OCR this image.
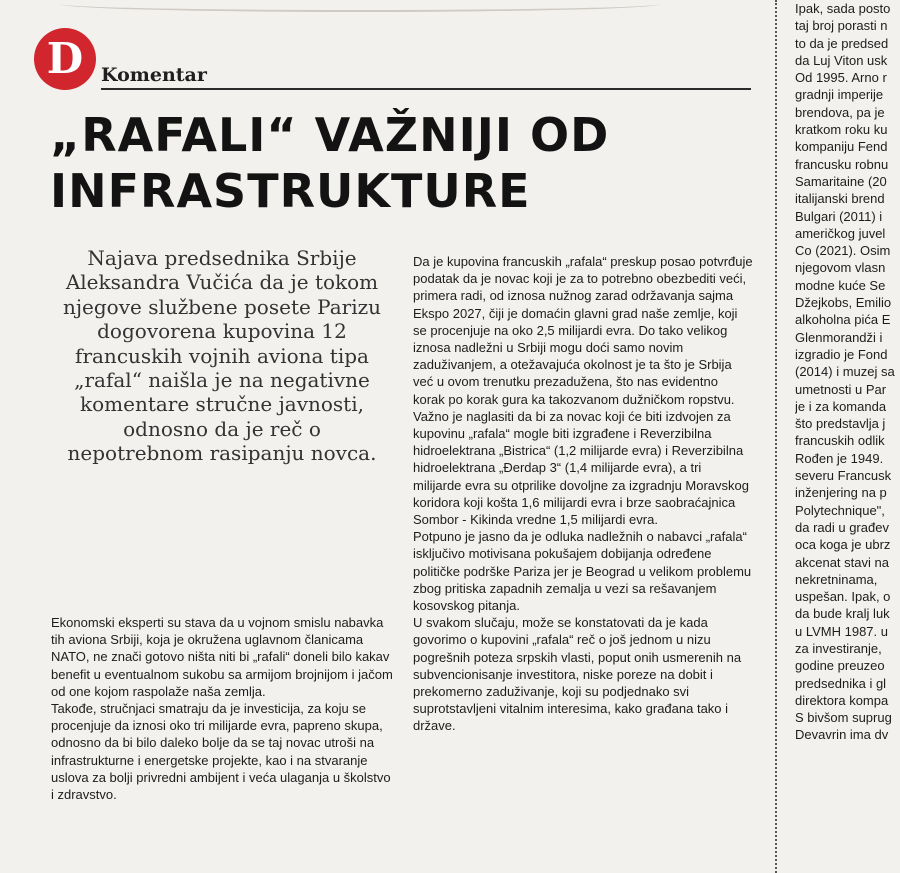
D Komentar
„RAFALI“ VAŽNIJI OD INFRASTRUKTURE

Najava predsednika Srbije Aleksandra Vučića da je tokom njegove službene posete Parizu dogovorena kupovina 12 francuskih vojnih aviona tipa „rafal“ naišla je na negativne komentare stručne javnosti, odnosno da je reč o nepotrebnom rasipanju novca.

Ekonomski eksperti su stava da u vojnom smislu nabavka tih aviona Srbiji, koja je okružena uglavnom članicama NATO, ne znači gotovo ništa niti bi „rafali“ doneli bilo kakav benefit u eventualnom sukobu sa armijom brojnijom i jačom od one kojom raspolaže naša zemlja.

Takođe, stručnjaci smatraju da je investicija, za koju se procenjuje da iznosi oko tri milijarde evra, papreno skupa, odnosno da bi bilo daleko bolje da se taj novac utroši na infrastrukturne i energetske projekte, kao i na stvaranje uslova za bolji privredni ambijent i veća ulaganja u školstvo i zdravstvo.

Da je kupovina francuskih „rafala“ preskup posao potvrđuje podatak da je novac koji je za to potrebno obezbediti veći, primera radi, od iznosa nužnog zarad održavanja sajma Ekspo 2027, čiji je domaćin glavni grad naše zemlje, koji se procenjuje na oko 2,5 milijardi evra. Do tako velikog iznosa nadležni u Srbiji mogu doći samo novim zaduživanjem, a otežavajuća okolnost je ta što je Srbija već u ovom trenutku prezadužena, što nas evidentno korak po korak gura ka takozvanom dužničkom ropstvu.

Važno je naglasiti da bi za novac koji će biti izdvojen za kupovinu „rafala“ mogle biti izgrađene i Reverzibilna hidroelektrana „Bistrica“ (1,2 milijarde evra) i Reverzibilna hidroelektrana „Đerdap 3“ (1,4 milijarde evra), a tri milijarde evra su otprilike dovoljne za izgradnju Moravskog koridora koji košta 1,6 milijardi evra i brze saobraćajnica Sombor - Kikinda vredne 1,5 milijardi evra.

Potpuno je jasno da je odluka nadležnih o nabavci „rafala“ isključivo motivisana pokušajem dobijanja određene političke podrške Pariza jer je Beograd u velikom problemu zbog pritiska zapadnih zemalja u vezi sa rešavanjem kosovskog pitanja.

U svakom slučaju, može se konstatovati da je kada govorimo o kupovini „rafala“ reč o još jednom u nizu pogrešnih poteza srpskih vlasti, poput onih usmerenih na subvencionisanje investitora, niske poreze na dobit i prekomerno zaduživanje, koji su podjednako svi suprotstavljeni vitalnim interesima, kako građana tako i države.

Ipak, sada posto
taj broj porasti n
to da je predsed
da Luj Viton usk
Od 1995. Arno r
gradnji imperije
brendova, pa je
kratkom roku ku
kompaniju Fend
francusku robnu
Samaritaine (20
italijanski brend
Bulgari (2011) i
američkog juvel
Co (2021). Osim
njegovom vlasn
modne kuće Se
Džejkobs, Emilio
alkoholna pića E
Glenmorandži i
izgradio je Fond
(2014) i muzej sa
umetnosti u Par
je i za komanda
što predstavlja j
francuskih odlik
Rođen je 1949.
severu Francusk
inženjering na p
Polytechnique",
da radi u građev
oca koga je ubrz
akcenat stavi na
nekretninama,
uspešan. Ipak, o
da bude kralj luk
u LVMH 1987. u
za investiranje,
godine preuzeo
predsednika i gl
direktora kompa
S bivšom suprug
Devavrin ima dv
